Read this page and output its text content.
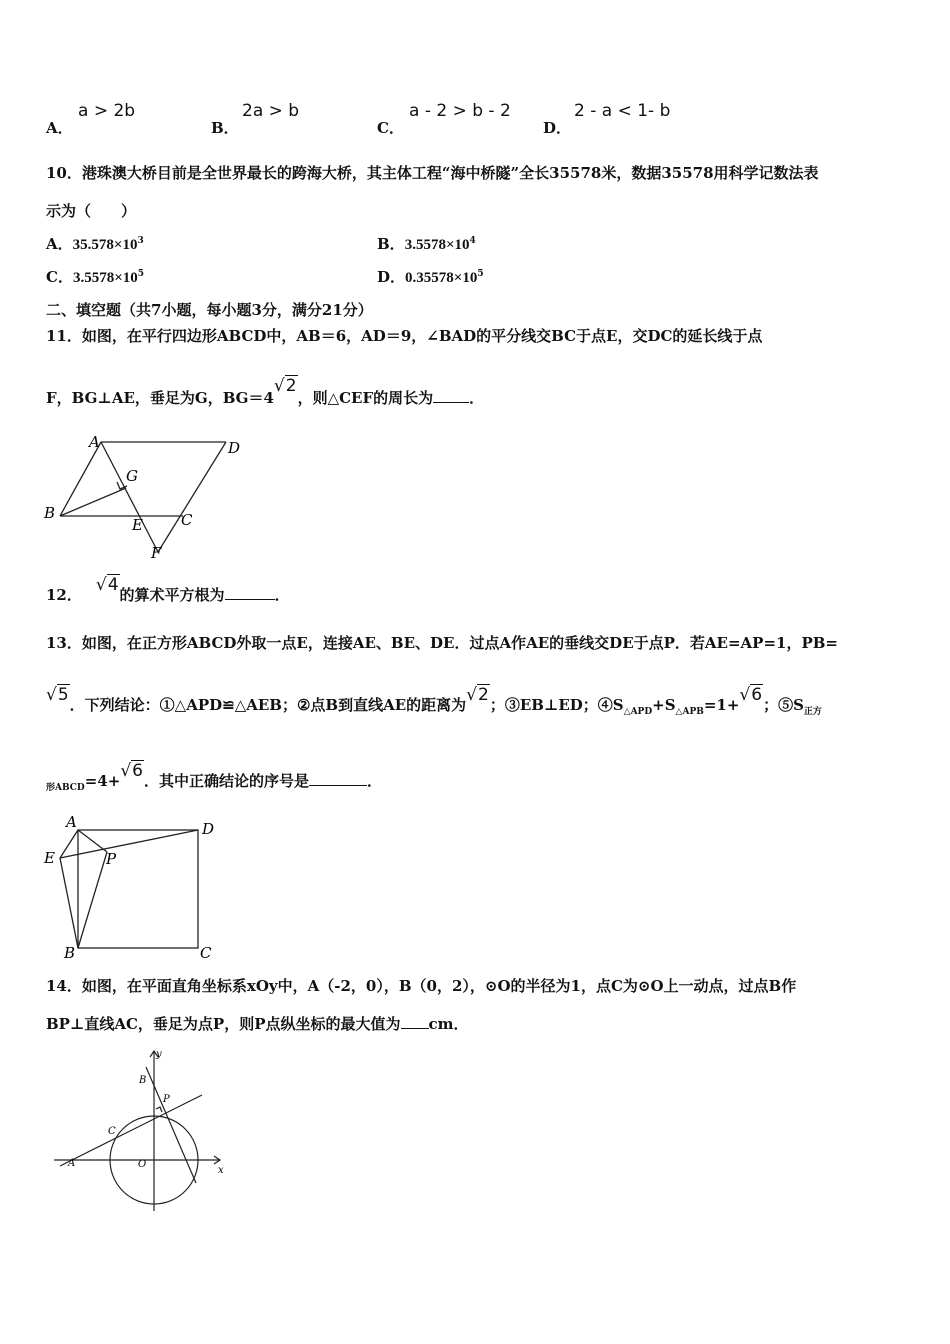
A．
a > 2b
B．
2a > b
C．
a - 2 > b - 2
D．
2 - a < 1- b
10．港珠澳大桥目前是全世界最长的跨海大桥，其主体工程“海中桥隧”全长35578米，数据35578用科学记数法表
示为（　　）
A．$35.578\times 10^3$	B．$3.5578\times 10^4$
C．$3.5578\times 10^5$	D．$0.35578\times 10^5$
二、填空题（共7小题，每小题3分，满分21分）
11．如图，在平行四边形ABCD中，AB＝6，AD＝9，∠BAD的平分线交BC于点E，交DC的延长线于点
F，BG⊥AE，垂足为G，BG＝4√2，则△CEF的周长为 ．
A	D
B
G
E	C
F
12． √4的算术平方根为	．
13．如图，在正方形ABCD外取一点E，连接AE、BE、DE．过点A作AE的垂线交DE于点P．若AE=AP=1，PB=
√5．下列结论：①△APD≌△AEB；②点B到直线AE的距离为√2；③EB⊥ED；$④S_{\triangle APD}+S_{\triangle APB}=1+√6$；$⑤S_{正方}$
$_{形ABCD}$=4+√6．其中正确结论的序号是	．
A	D
E	P
B	C
14．如图，在平面直角坐标系xOy中，A（-2，0），B（0，2），⊙O的半径为1，点C为⊙O上一动点，过点B作
BP⊥直线AC，垂足为点P，则P点纵坐标的最大值为 cm．
y
x
B
P
C
O
A
